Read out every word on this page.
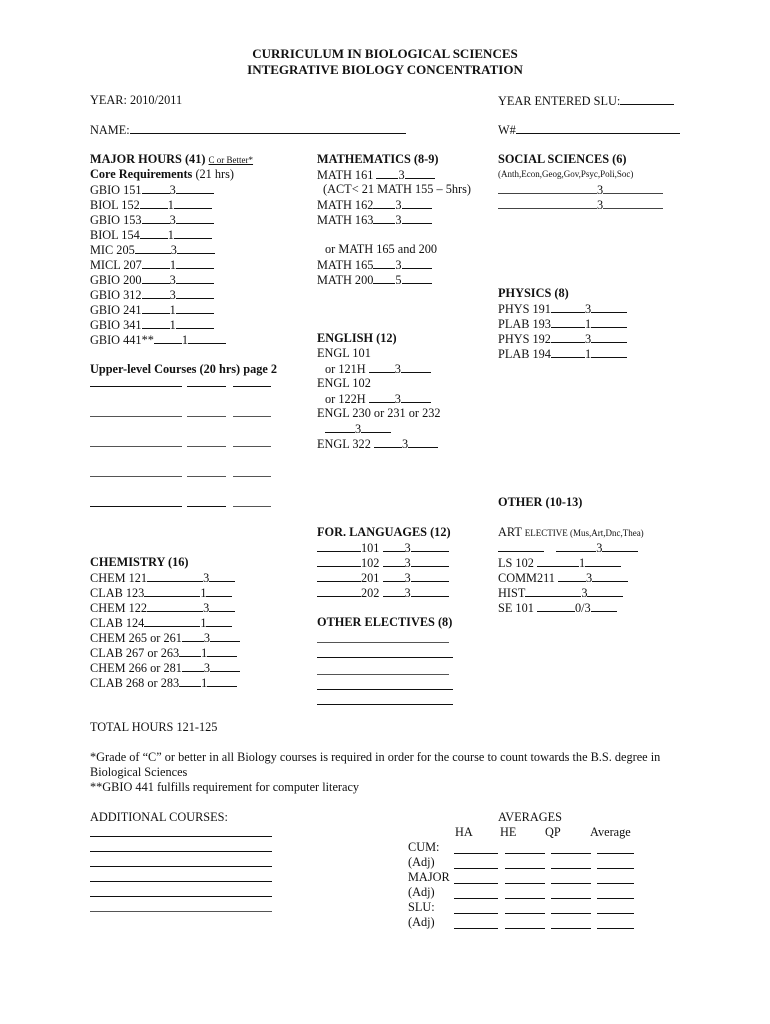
CURRICULUM IN BIOLOGICAL SCIENCES
INTEGRATIVE BIOLOGY CONCENTRATION
YEAR: 2010/2011	YEAR ENTERED SLU:
NAME:	W#
MAJOR HOURS (41) C or Better*
Core Requirements (21 hrs)
GBIO 151 3
BIOL 152 1
GBIO 153 3
BIOL 154 1
MIC 205	3
MICL 207 1
GBIO 200 3
GBIO 312 3
GBIO 241 1
GBIO 341 1
GBIO 441** 1
Upper-level Courses (20 hrs) page 2
CHEMISTRY (16)
CHEM 121	3
CLAB 123	1
CHEM 122	3
CLAB 124	1
CHEM 265 or 261 3
CLAB 267 or 263 1
CHEM 266 or 281 3
CLAB 268 or 283 1
MATHEMATICS (8-9)
MATH 161 3
(ACT< 21 MATH 155 – 5hrs)
MATH 162 3
MATH 163 3
or MATH 165 and 200
MATH 165 3
MATH 200 5
ENGLISH (12)
ENGL 101
or 121H 3
ENGL 102
or 122H 3
ENGL 230 or 231 or 232
3
ENGL 322	3
FOR. LANGUAGES (12)
101 3
102 3
201 3
202 3
OTHER ELECTIVES (8)
SOCIAL SCIENCES (6)
(Anth,Econ,Geog,Gov,Psyc,Poli,Soc)
3
3
PHYSICS (8)
PHYS 191	3
PLAB 193	1
PHYS 192	3
PLAB 194	1
OTHER (10-13)
ART ELECTIVE (Mus,Art,Dnc,Thea)
3
LS 102	1
COMM211	3
HIST	3
SE 101	0/3
TOTAL HOURS 121-125
*Grade of “C” or better in all Biology courses is required in order for the course to count towards the B.S. degree in
Biological Sciences
**GBIO 441 fulfills requirement for computer literacy
ADDITIONAL COURSES:	AVERAGES
HA HE QP Average
CUM:
(Adj)
MAJOR
(Adj)
SLU:
(Adj)
